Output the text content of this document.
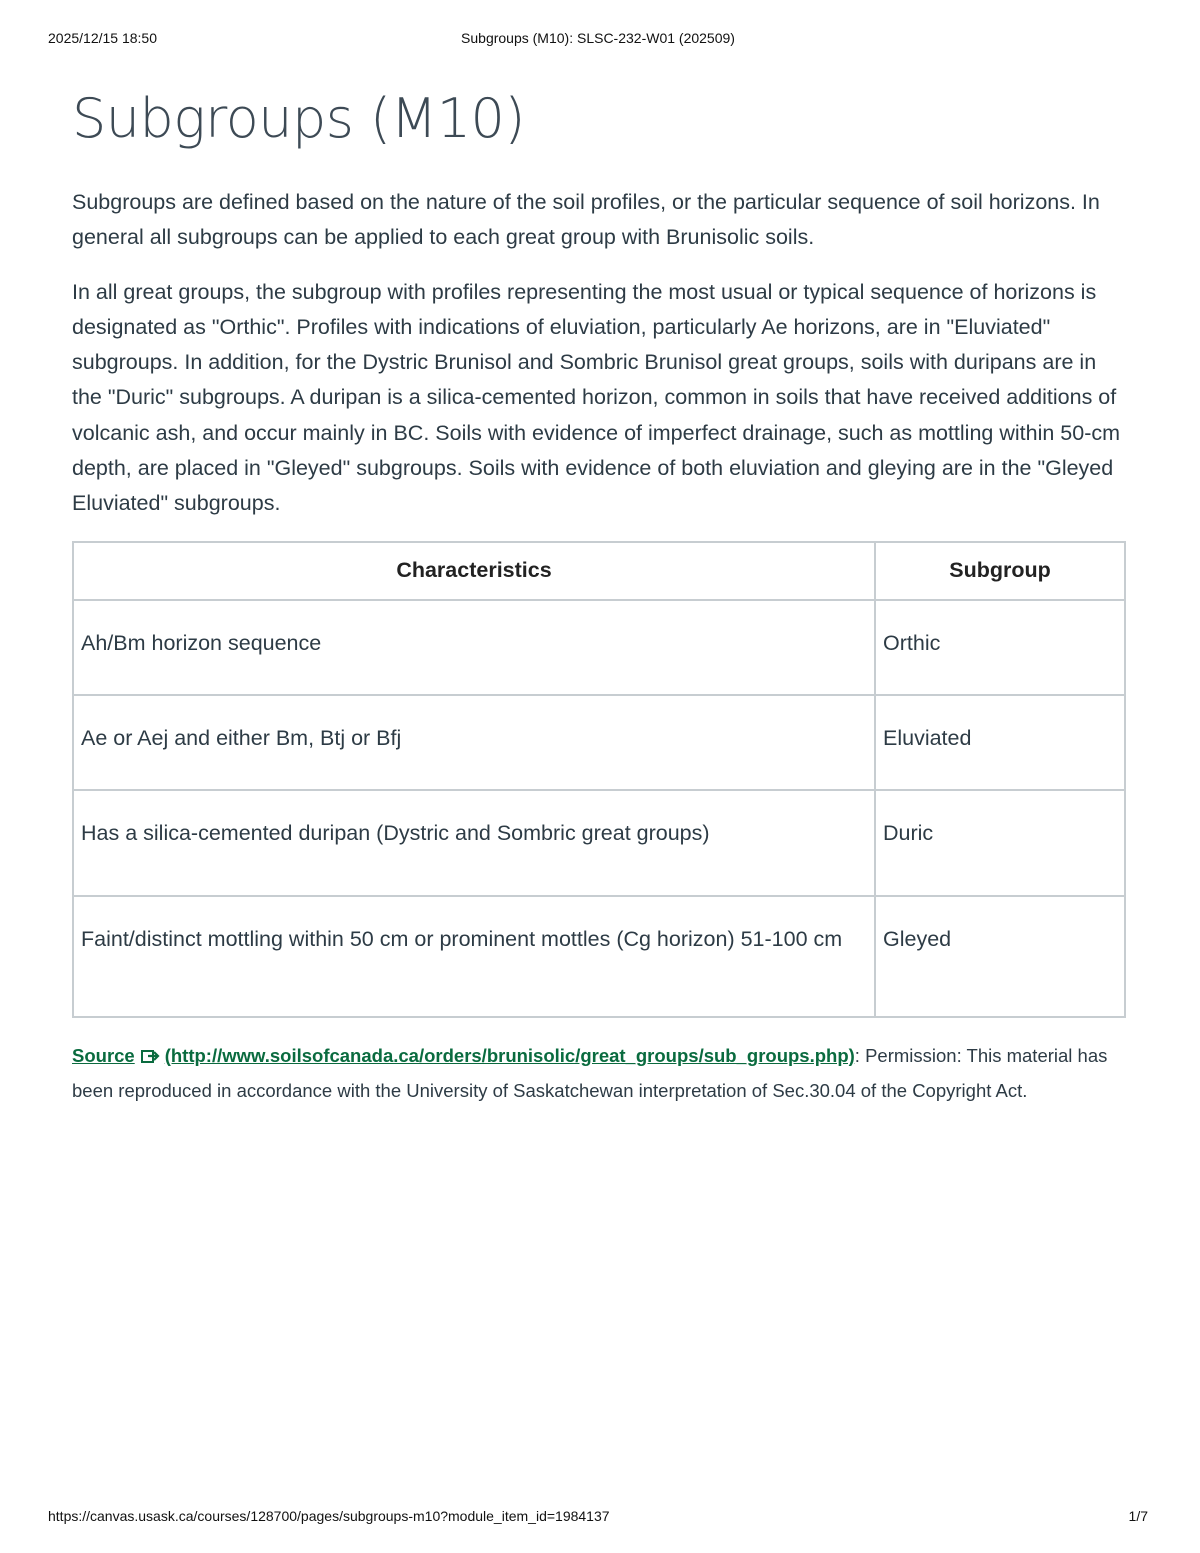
2025/12/15 18:50	Subgroups (M10): SLSC-232-W01 (202509)
Subgroups (M10)

Subgroups are defined based on the nature of the soil profiles, or the particular sequence of soil horizons. In general all subgroups can be applied to each great group with Brunisolic soils.

In all great groups, the subgroup with profiles representing the most usual or typical sequence of horizons is designated as "Orthic". Profiles with indications of eluviation, particularly Ae horizons, are in "Eluviated" subgroups. In addition, for the Dystric Brunisol and Sombric Brunisol great groups, soils with duripans are in the "Duric" subgroups. A duripan is a silica-cemented horizon, common in soils that have received additions of volcanic ash, and occur mainly in BC. Soils with evidence of imperfect drainage, such as mottling within 50-cm depth, are placed in "Gleyed" subgroups. Soils with evidence of both eluviation and gleying are in the "Gleyed Eluviated" subgroups.

Characteristics	Subgroup
Ah/Bm horizon sequence	Orthic
Ae or Aej and either Bm, Btj or Bfj	Eluviated
Has a silica-cemented duripan (Dystric and Sombric great groups)	Duric
Faint/distinct mottling within 50 cm or prominent mottles (Cg horizon) 51-100 cm	Gleyed

Source (http://www.soilsofcanada.ca/orders/brunisolic/great_groups/sub_groups.php): Permission: This material has been reproduced in accordance with the University of Saskatchewan interpretation of Sec.30.04 of the Copyright Act.

https://canvas.usask.ca/courses/128700/pages/subgroups-m10?module_item_id=1984137	1/7
